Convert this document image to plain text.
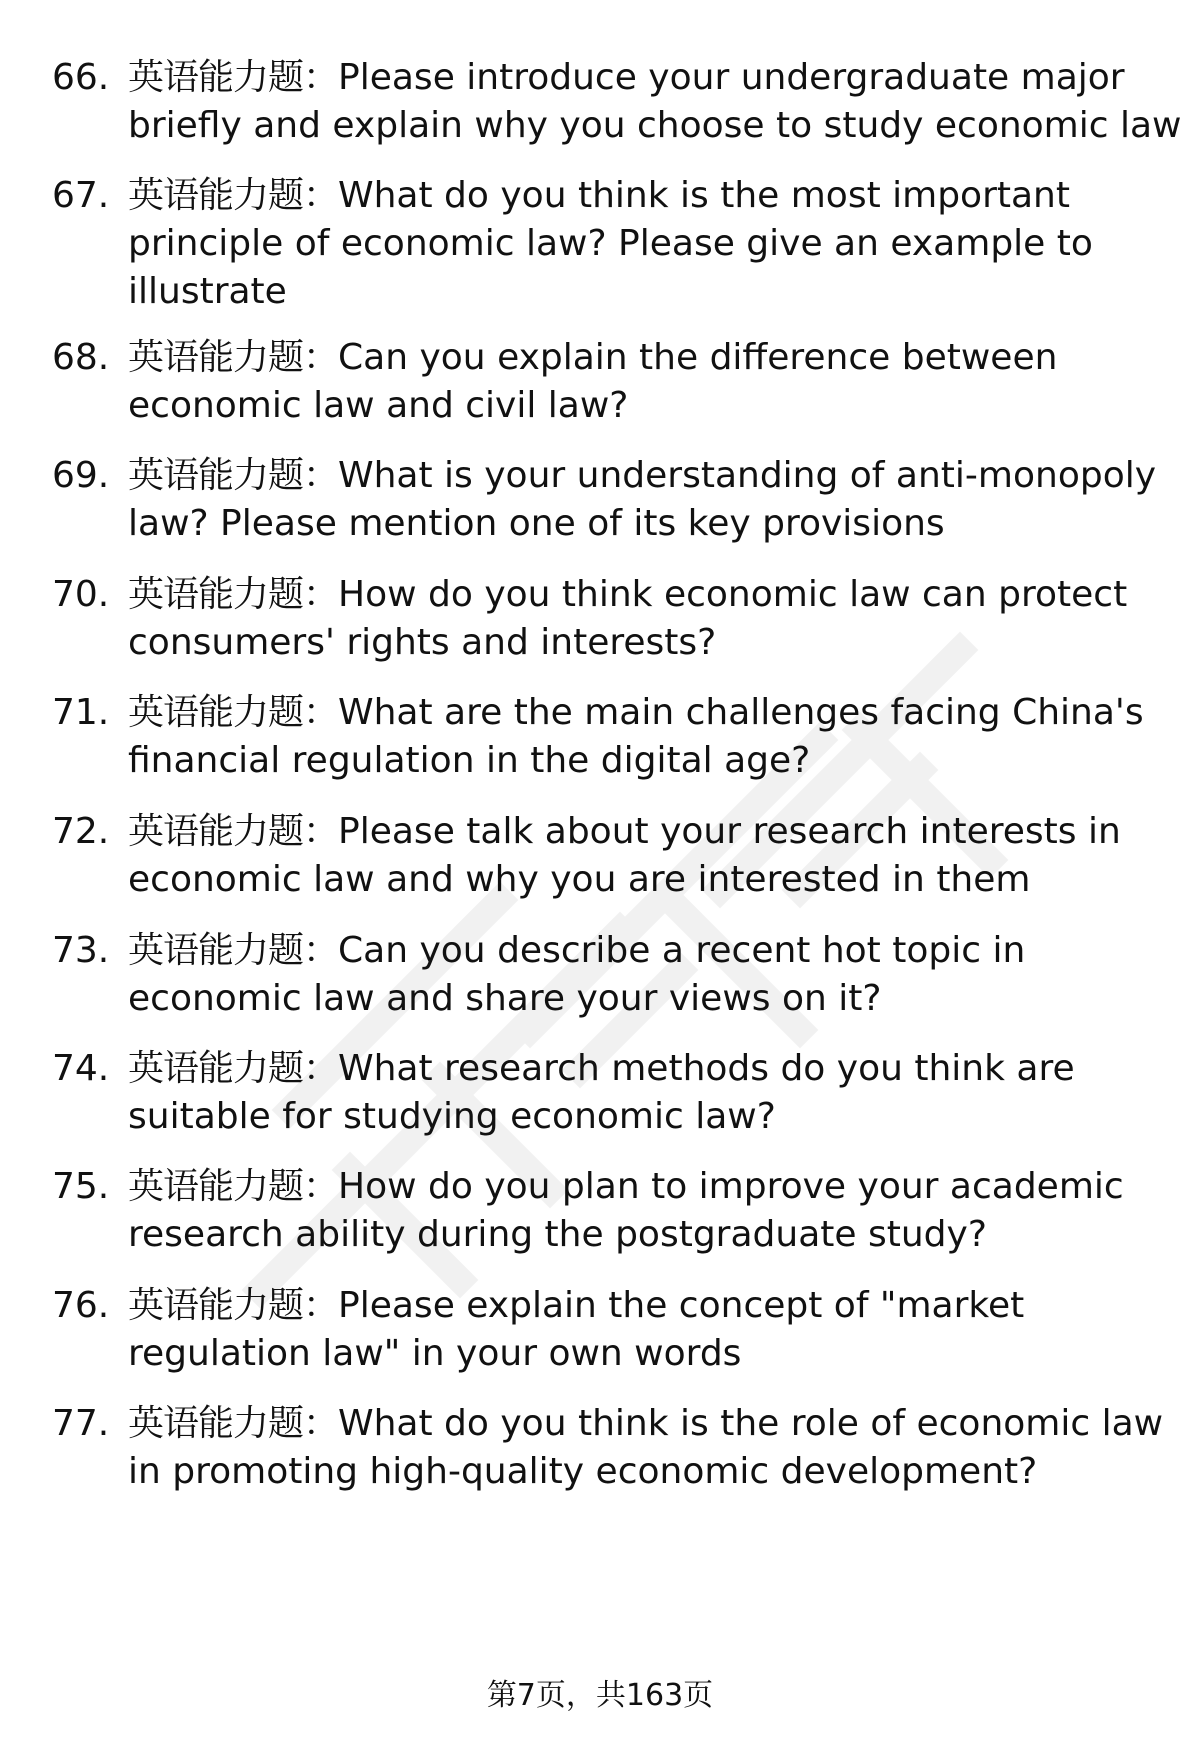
66. 英语能力题：Please introduce your undergraduate major briefly and explain why you choose to study economic law
67. 英语能力题：What do you think is the most important principle of economic law? Please give an example to illustrate
68. 英语能力题：Can you explain the difference between economic law and civil law?
69. 英语能力题：What is your understanding of anti-monopoly law? Please mention one of its key provisions
70. 英语能力题：How do you think economic law can protect consumers' rights and interests?
71. 英语能力题：What are the main challenges facing China's financial regulation in the digital age?
72. 英语能力题：Please talk about your research interests in economic law and why you are interested in them
73. 英语能力题：Can you describe a recent hot topic in economic law and share your views on it?
74. 英语能力题：What research methods do you think are suitable for studying economic law?
75. 英语能力题：How do you plan to improve your academic research ability during the postgraduate study?
76. 英语能力题：Please explain the concept of "market regulation law" in your own words
77. 英语能力题：What do you think is the role of economic law in promoting high-quality economic development?
第7页，共163页
